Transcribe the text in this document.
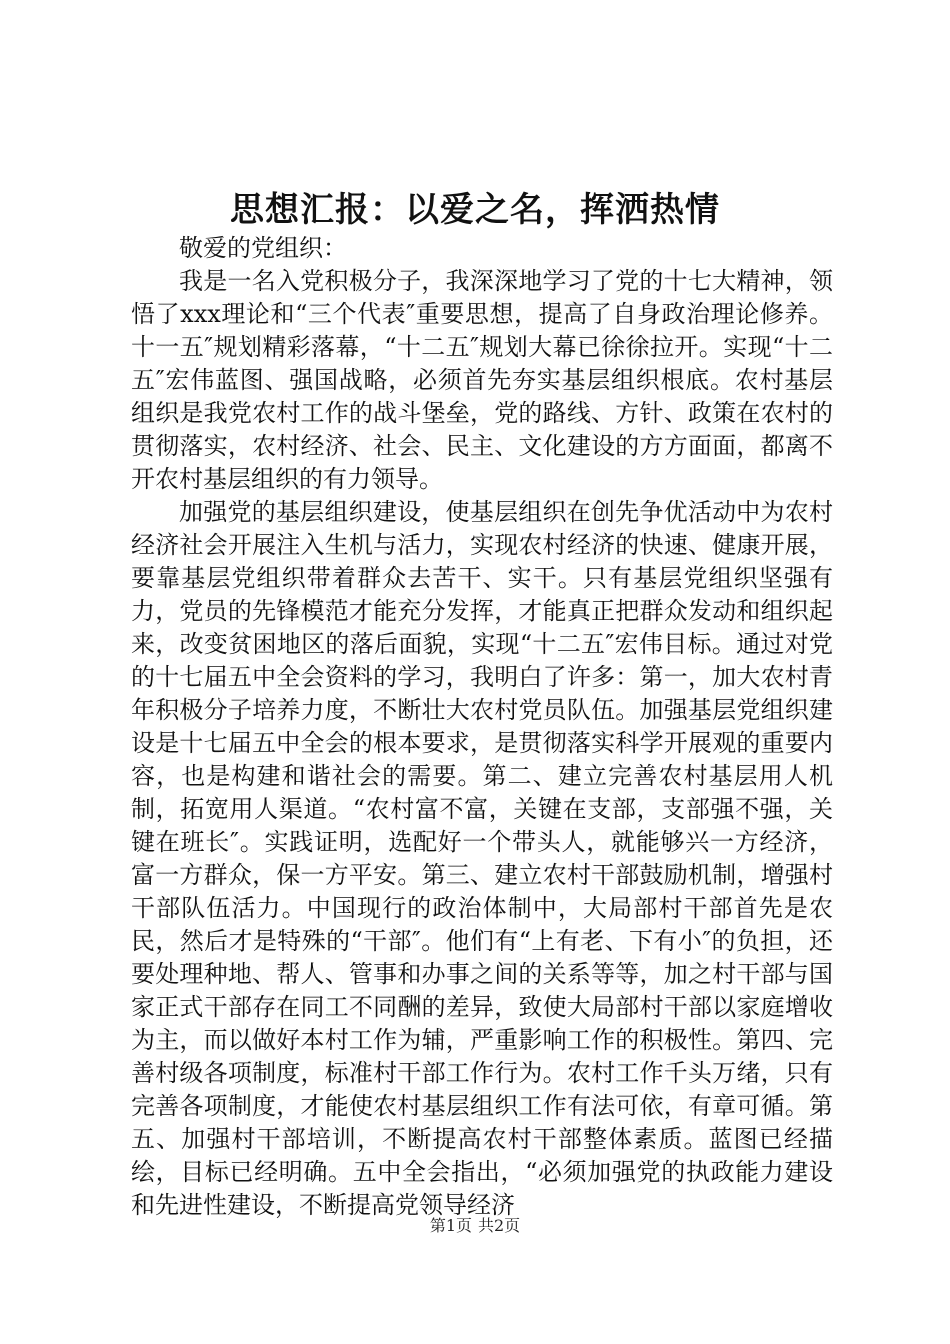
思想汇报：以爱之名，挥洒热情
敬爱的党组织：

我是一名入党积极分子，我深深地学习了党的十七大精神，领悟了xxx理论和“三个代表″重要思想，提高了自身政治理论修养。十一五″规划精彩落幕，“十二五″规划大幕已徐徐拉开。实现“十二五″宏伟蓝图、强国战略，必须首先夯实基层组织根底。农村基层组织是我党农村工作的战斗堡垒，党的路线、方针、政策在农村的贯彻落实，农村经济、社会、民主、文化建设的方方面面，都离不开农村基层组织的有力领导。

加强党的基层组织建设，使基层组织在创先争优活动中为农村经济社会开展注入生机与活力，实现农村经济的快速、健康开展，要靠基层党组织带着群众去苦干、实干。只有基层党组织坚强有力，党员的先锋模范才能充分发挥，才能真正把群众发动和组织起来，改变贫困地区的落后面貌，实现“十二五″宏伟目标。通过对党的十七届五中全会资料的学习，我明白了许多：第一，加大农村青年积极分子培养力度，不断壮大农村党员队伍。加强基层党组织建设是十七届五中全会的根本要求，是贯彻落实科学开展观的重要内容，也是构建和谐社会的需要。第二、建立完善农村基层用人机制，拓宽用人渠道。“农村富不富，关键在支部，支部强不强，关键在班长″。实践证明，选配好一个带头人，就能够兴一方经济，富一方群众，保一方平安。第三、建立农村干部鼓励机制，增强村干部队伍活力。中国现行的政治体制中，大局部村干部首先是农民，然后才是特殊的“干部″。他们有“上有老、下有小″的负担，还要处理种地、帮人、管事和办事之间的关系等等，加之村干部与国家正式干部存在同工不同酬的差异，致使大局部村干部以家庭增收为主，而以做好本村工作为辅，严重影响工作的积极性。第四、完善村级各项制度，标准村干部工作行为。农村工作千头万绪，只有完善各项制度，才能使农村基层组织工作有法可依，有章可循。第五、加强村干部培训，不断提高农村干部整体素质。蓝图已经描绘，目标已经明确。五中全会指出，“必须加强党的执政能力建设和先进性建设，不断提高党领导经济

第1页 共2页
